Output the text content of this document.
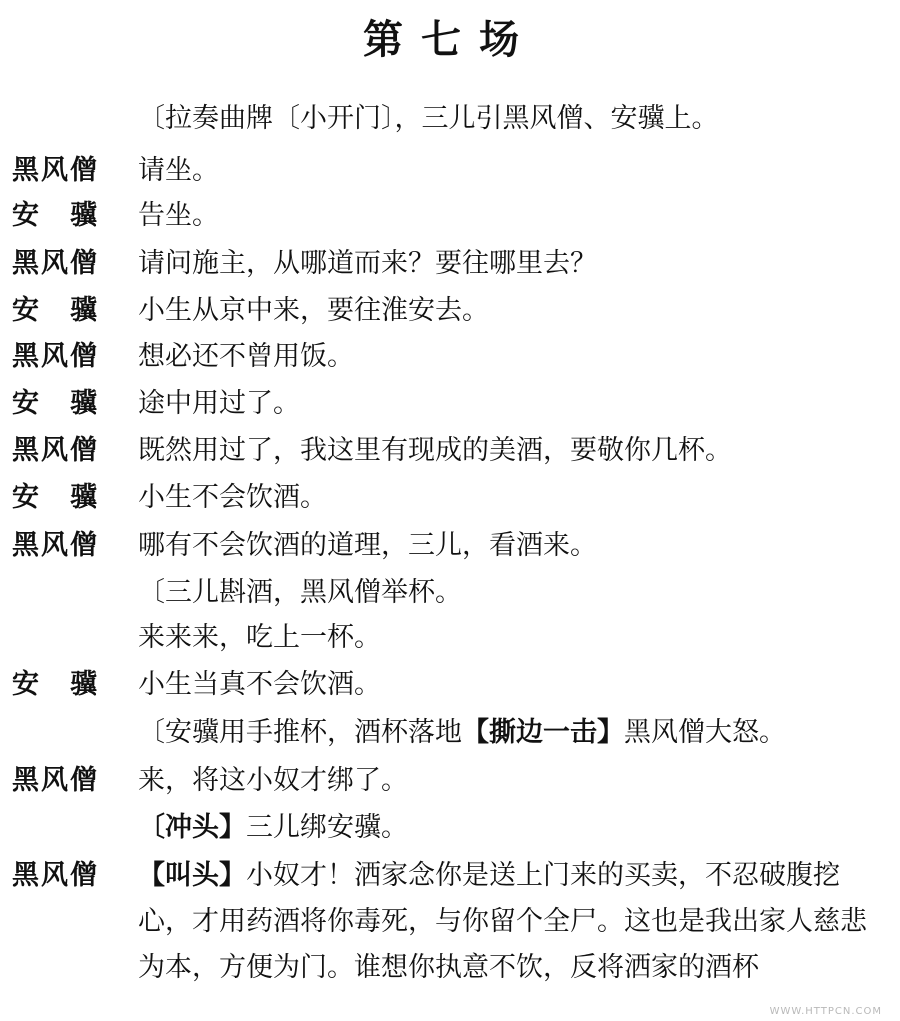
第七场
〔拉奏曲牌〔小开门〕，三儿引黑风僧、安骥上。
黑风僧	请坐。
安　骥	告坐。
黑风僧	请问施主，从哪道而来？要往哪里去？
安　骥	小生从京中来，要往淮安去。
黑风僧	想必还不曾用饭。
安　骥	途中用过了。
黑风僧	既然用过了，我这里有现成的美酒，要敬你几杯。
安　骥	小生不会饮酒。
黑风僧	哪有不会饮酒的道理，三儿，看酒来。
〔三儿斟酒，黑风僧举杯。
来来来，吃上一杯。
安　骥	小生当真不会饮酒。
〔安骥用手推杯，酒杯落地【撕边一击】黑风僧大怒。
黑风僧	来，将这小奴才绑了。
〔冲头】三儿绑安骥。
黑风僧	【叫头】小奴才！洒家念你是送上门来的买卖，不忍破腹挖心，才用药酒将你毒死，与你留个全尸。这也是我出家人慈悲为本，方便为门。谁想你执意不饮，反将洒家的酒杯
WWW.HTTPCN.COM
